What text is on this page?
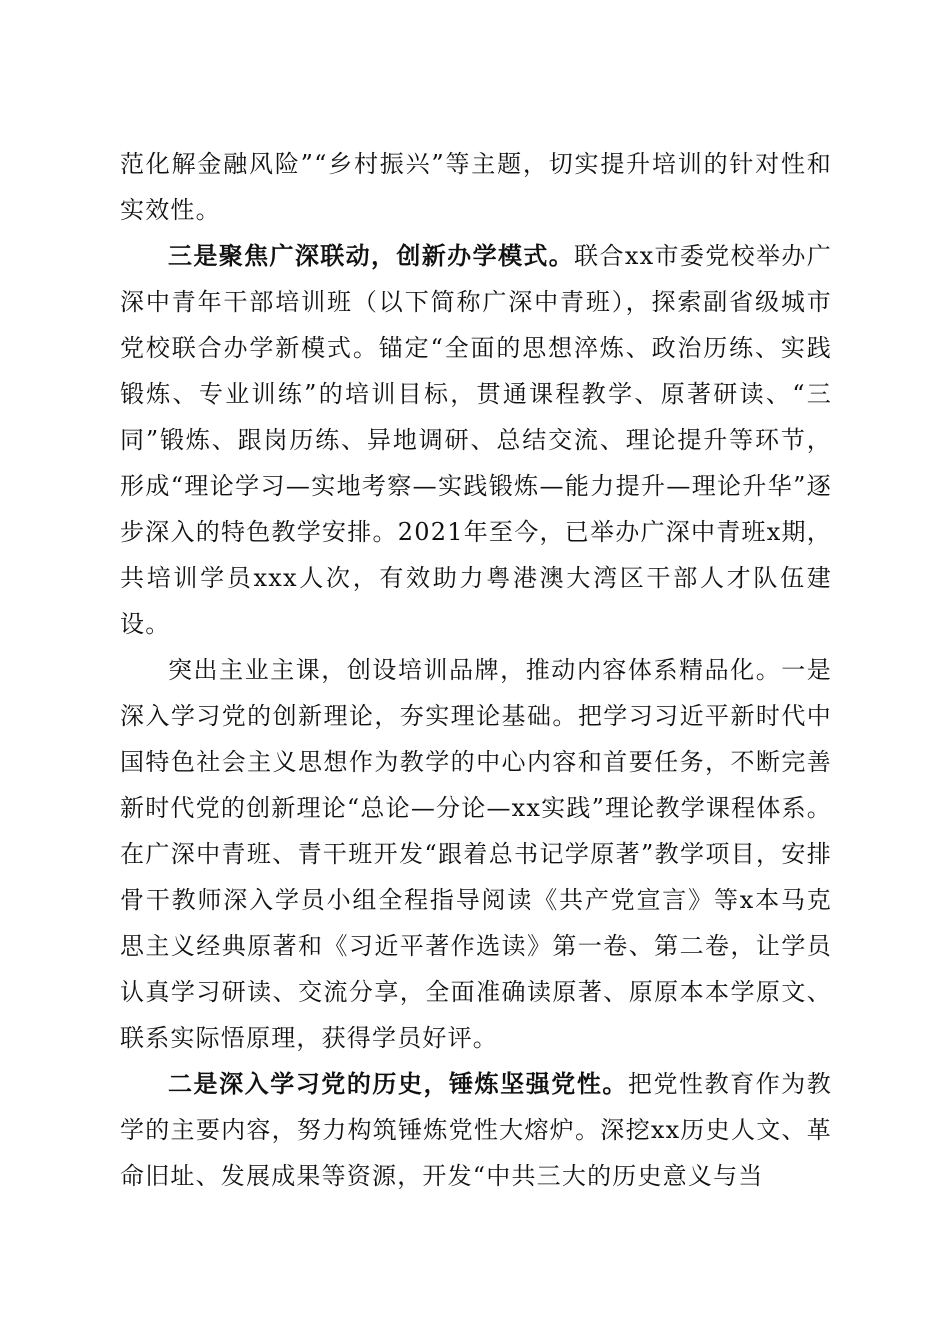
范化解金融风险”“乡村振兴”等主题，切实提升培训的针对性和实效性。

三是聚焦广深联动，创新办学模式。联合xx市委党校举办广深中青年干部培训班（以下简称广深中青班），探索副省级城市党校联合办学新模式。锚定“全面的思想淬炼、政治历练、实践锻炼、专业训练”的培训目标，贯通课程教学、原著研读、“三同”锻炼、跟岗历练、异地调研、总结交流、理论提升等环节，形成“理论学习—实地考察—实践锻炼—能力提升—理论升华”逐步深入的特色教学安排。2021年至今，已举办广深中青班x期，共培训学员xxx人次，有效助力粤港澳大湾区干部人才队伍建设。

突出主业主课，创设培训品牌，推动内容体系精品化。一是深入学习党的创新理论，夯实理论基础。把学习习近平新时代中国特色社会主义思想作为教学的中心内容和首要任务，不断完善新时代党的创新理论“总论—分论—xx实践”理论教学课程体系。在广深中青班、青干班开发“跟着总书记学原著”教学项目，安排骨干教师深入学员小组全程指导阅读《共产党宣言》等x本马克思主义经典原著和《习近平著作选读》第一卷、第二卷，让学员认真学习研读、交流分享，全面准确读原著、原原本本学原文、联系实际悟原理，获得学员好评。

二是深入学习党的历史，锤炼坚强党性。把党性教育作为教学的主要内容，努力构筑锤炼党性大熔炉。深挖xx历史人文、革命旧址、发展成果等资源，开发“中共三大的历史意义与当
